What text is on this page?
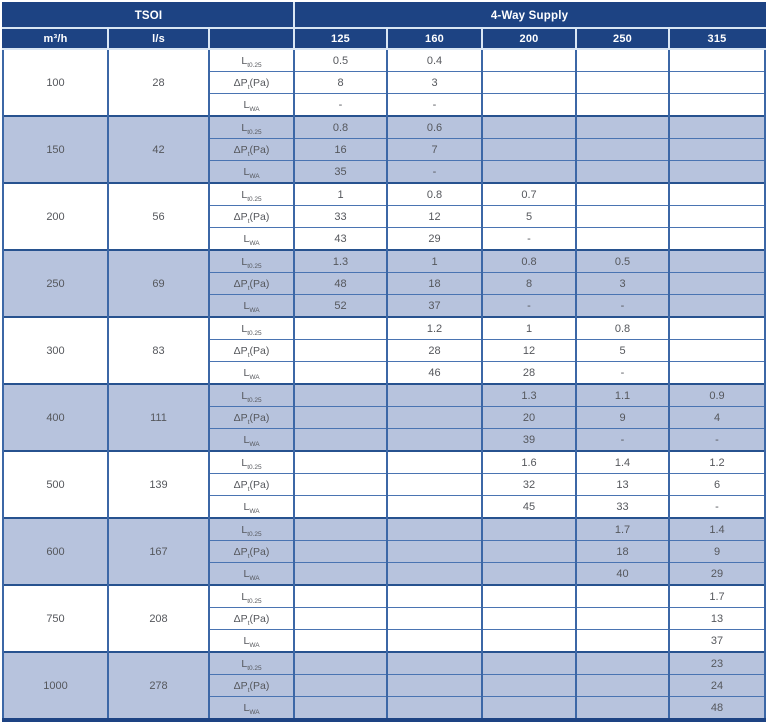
TSOI			4-Way Supply				
m³/h	l/s		125	160	200	250	315
100	28	$L_{t0.25}$	0.5	0.4			
		$\Delta P_t(Pa)$	8	3			
		$L_{WA}$	-	-			
150	42	$L_{t0.25}$	0.8	0.6			
		$\Delta P_t(Pa)$	16	7			
		$L_{WA}$	35	-			
200	56	$L_{t0.25}$	1	0.8	0.7		
		$\Delta P_t(Pa)$	33	12	5		
		$L_{WA}$	43	29	-		
250	69	$L_{t0.25}$	1.3	1	0.8	0.5	
		$\Delta P_t(Pa)$	48	18	8	3	
		$L_{WA}$	52	37	-	-	
300	83	$L_{t0.25}$		1.2	1	0.8	
		$\Delta P_t(Pa)$		28	12	5	
		$L_{WA}$		46	28	-	
400	111	$L_{t0.25}$			1.3	1.1	0.9
		$\Delta P_t(Pa)$			20	9	4
		$L_{WA}$			39	-	-
500	139	$L_{t0.25}$			1.6	1.4	1.2
		$\Delta P_t(Pa)$			32	13	6
		$L_{WA}$			45	33	-
600	167	$L_{t0.25}$				1.7	1.4
		$\Delta P_t(Pa)$				18	9
		$L_{WA}$				40	29
750	208	$L_{t0.25}$					1.7
		$\Delta P_t(Pa)$					13
		$L_{WA}$					37
1000	278	$L_{t0.25}$					23
		$\Delta P_t(Pa)$					24
		$L_{WA}$					48
